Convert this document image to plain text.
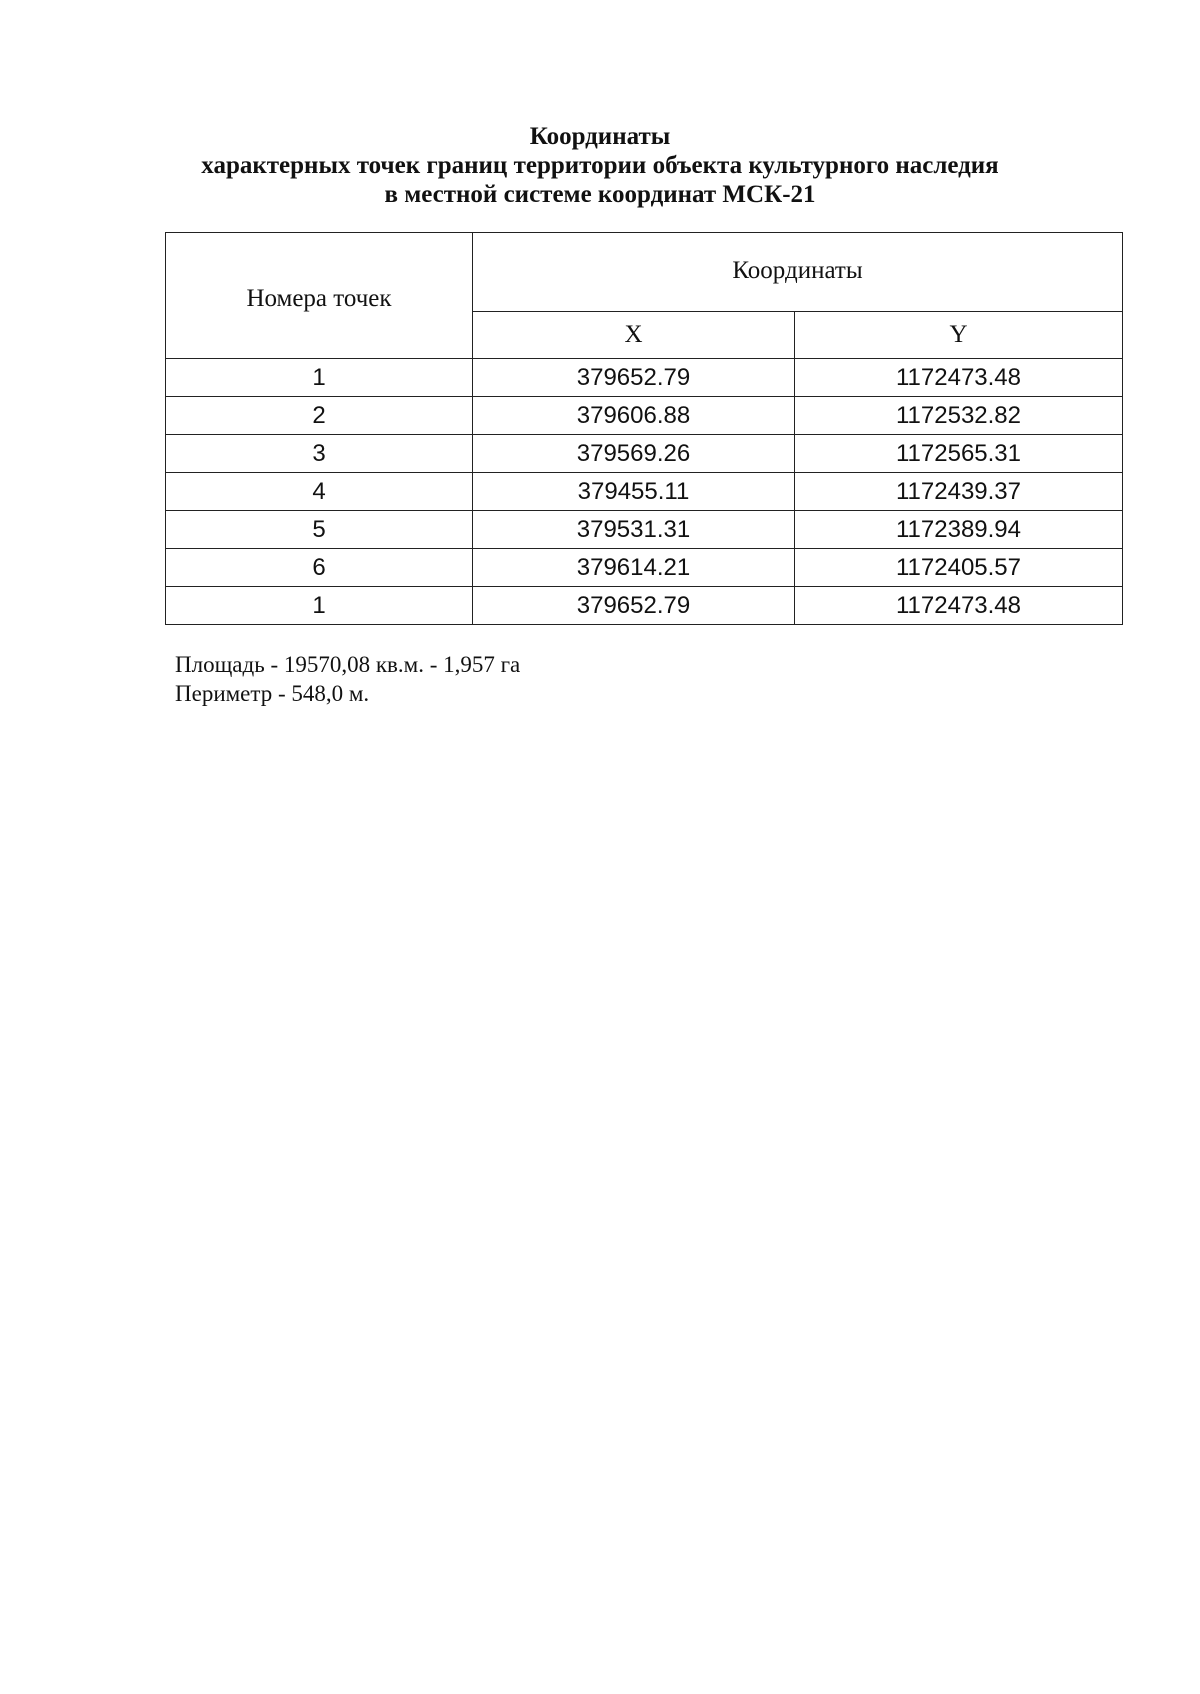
Координаты
характерных точек границ территории объекта культурного наследия
в местной системе координат МСК-21
Номера точек	Координаты	
	X	Y
1	379652.79	1172473.48
2	379606.88	1172532.82
3	379569.26	1172565.31
4	379455.11	1172439.37
5	379531.31	1172389.94
6	379614.21	1172405.57
1	379652.79	1172473.48
Площадь - 19570,08 кв.м. - 1,957 га
Периметр - 548,0 м.
